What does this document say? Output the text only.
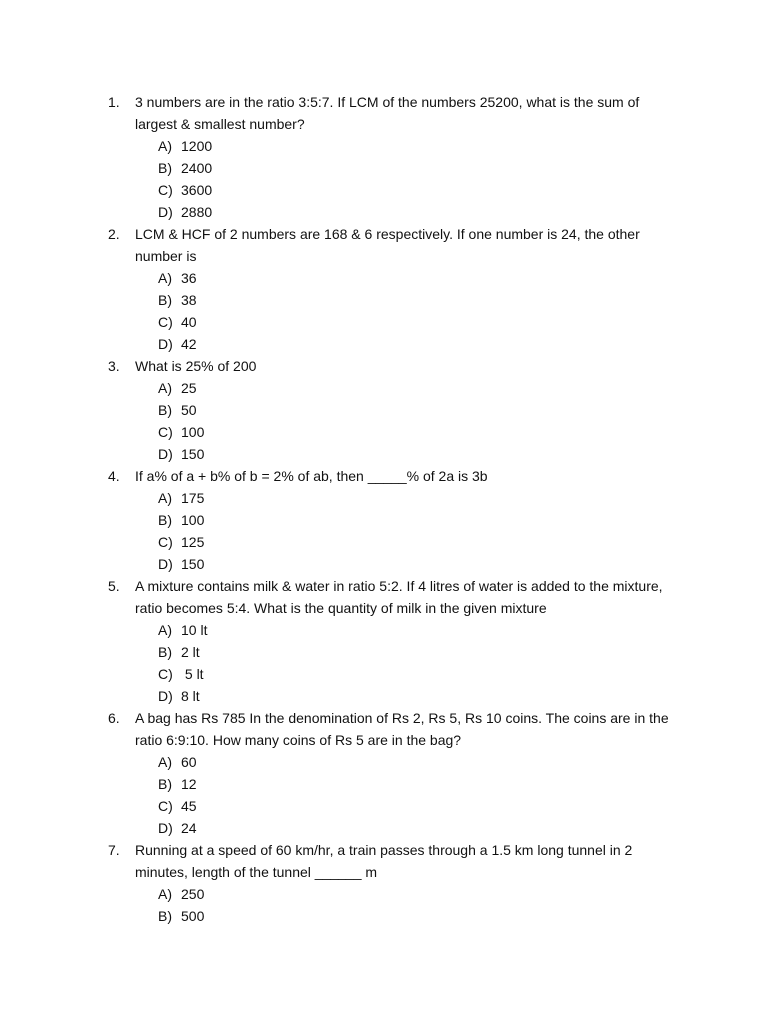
1.	3 numbers are in the ratio 3:5:7. If LCM of the numbers 25200, what is the sum of largest & smallest number?
A) 1200
B) 2400
C) 3600
D) 2880
2.	LCM & HCF of 2 numbers are 168 & 6 respectively. If one number is 24, the other number is
A) 36
B) 38
C) 40
D) 42
3.	What is 25% of 200
A) 25
B) 50
C) 100
D) 150
4.	If a% of a + b% of b = 2% of ab, then _____% of 2a is 3b
A) 175
B) 100
C) 125
D) 150
5.	A mixture contains milk & water in ratio 5:2. If 4 litres of water is added to the mixture, ratio becomes 5:4. What is the quantity of milk in the given mixture
A) 10 lt
B) 2 lt
C) 5 lt
D) 8 lt
6.	A bag has Rs 785 In the denomination of Rs 2, Rs 5, Rs 10 coins. The coins are in the ratio 6:9:10. How many coins of Rs 5 are in the bag?
A) 60
B) 12
C) 45
D) 24
7.	Running at a speed of 60 km/hr, a train passes through a 1.5 km long tunnel in 2 minutes, length of the tunnel ______ m
A) 250
B) 500
